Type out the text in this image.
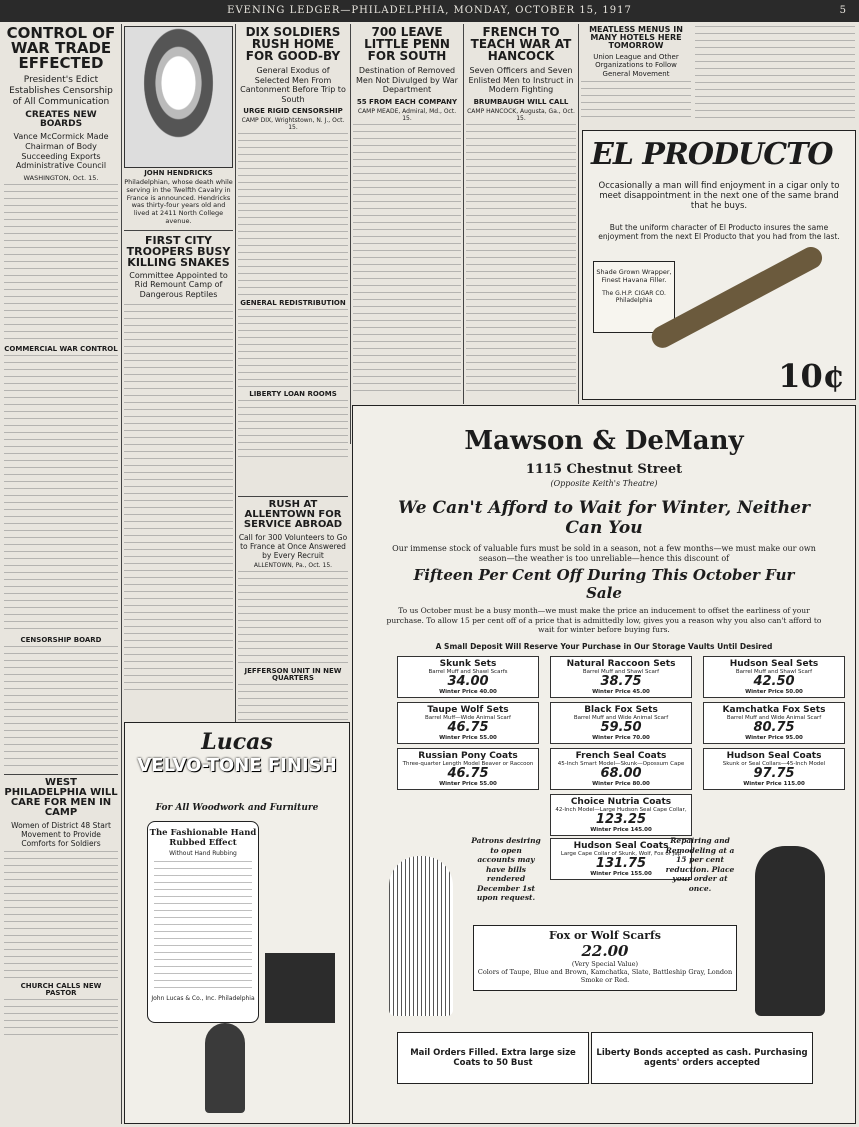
EVENING LEDGER—PHILADELPHIA, MONDAY, OCTOBER 15, 1917	5
CONTROL OF WAR TRADE EFFECTED
President's Edict Establishes Censorship of All Communication
CREATES NEW BOARDS
Vance McCormick Made Chairman of Body Succeeding Exports Administrative Council
WASHINGTON, Oct. 15.
COMMERCIAL WAR CONTROL
CENSORSHIP BOARD
WEST PHILADELPHIA WILL CARE FOR MEN IN CAMP
Women of District 48 Start Movement to Provide Comforts for Soldiers
CHURCH CALLS NEW PASTOR
JOHN HENDRICKS
Philadelphian, whose death while serving in the Twelfth Cavalry in France is announced. Hendricks was thirty-four years old and lived at 2411 North College avenue.
FIRST CITY TROOPERS BUSY KILLING SNAKES
Committee Appointed to Rid Remount Camp of Dangerous Reptiles
DIX SOLDIERS RUSH HOME FOR GOOD-BY
General Exodus of Selected Men From Cantonment Before Trip to South
URGE RIGID CENSORSHIP
CAMP DIX, Wrightstown, N. J., Oct. 15.
GENERAL REDISTRIBUTION
LIBERTY LOAN ROOMS
700 LEAVE LITTLE PENN FOR SOUTH
Destination of Removed Men Not Divulged by War Department
55 FROM EACH COMPANY
CAMP MEADE, Admiral, Md., Oct. 15.
FRENCH TO TEACH WAR AT HANCOCK
Seven Officers and Seven Enlisted Men to Instruct in Modern Fighting
BRUMBAUGH WILL CALL
CAMP HANCOCK, Augusta, Ga., Oct. 15.
RUSH AT ALLENTOWN FOR SERVICE ABROAD
Call for 300 Volunteers to Go to France at Once Answered by Every Recruit
ALLENTOWN, Pa., Oct. 15.
JEFFERSON UNIT IN NEW QUARTERS
MEATLESS MENUS IN MANY HOTELS HERE TOMORROW
Union League and Other Organizations to Follow General Movement
EL PRODUCTO
Occasionally a man will find enjoyment in a cigar only to meet disappointment in the next one of the same brand that he buys.
But the uniform character of El Producto insures the same enjoyment from the next El Producto that you had from the last.
Shade Grown Wrapper, Finest Havana Filler.
The G.H.P. CIGAR CO. Philadelphia
10¢
Lucas
VELVO-TONE FINISH
For All Woodwork and Furniture
The Fashionable Hand Rubbed Effect
Without Hand Rubbing
John Lucas & Co., Inc. Philadelphia
Mawson & DeMany
1115 Chestnut Street
(Opposite Keith's Theatre)
We Can't Afford to Wait for Winter, Neither Can You
Our immense stock of valuable furs must be sold in a season, not a few months—we must make our own season—the weather is too unreliable—hence this discount of
Fifteen Per Cent Off During This October Fur Sale
To us October must be a busy month—we must make the price an inducement to offset the earliness of your purchase. To allow 15 per cent off of a price that is admittedly low, gives you a reason why you also can't afford to wait for winter before buying furs.
A Small Deposit Will Reserve Your Purchase in Our Storage Vaults Until Desired
Skunk Sets
Barrel Muff and Shawl Scarfs
34.00
Winter Price 40.00
Natural Raccoon Sets
Barrel Muff and Shawl Scarf
38.75
Winter Price 45.00
Hudson Seal Sets
Barrel Muff and Shawl Scarf
42.50
Winter Price 50.00
Taupe Wolf Sets
Barrel Muff—Wide Animal Scarf
46.75
Winter Price 55.00
Black Fox Sets
Barrel Muff and Wide Animal Scarf
59.50
Winter Price 70.00
Kamchatka Fox Sets
Barrel Muff and Wide Animal Scarf
80.75
Winter Price 95.00
Russian Pony Coats
Three-quarter Length Model Beaver or Raccoon
46.75
Winter Price 55.00
French Seal Coats
45-Inch Smart Model—Skunk—Opossum Cape
68.00
Winter Price 80.00
Hudson Seal Coats
Skunk or Seal Collars—45-Inch Model
97.75
Winter Price 115.00
Choice Nutria Coats
42-Inch Model—Large Hudson Seal Cape Collar,
123.25
Winter Price 145.00
Hudson Seal Coats
Large Cape Collar of Skunk, Wolf, Fox or Jap
131.75
Winter Price 155.00
Patrons desiring to open accounts may have bills rendered December 1st upon request.
Repairing and Remodeling at a 15 per cent reduction. Place your order at once.
Fox or Wolf Scarfs
22.00
(Very Special Value)
Colors of Taupe, Blue and Brown, Kamchatka, Slate, Battleship Gray, London Smoke or Red.
Mail Orders Filled. Extra large size Coats to 50 Bust
Liberty Bonds accepted as cash. Purchasing agents' orders accepted
